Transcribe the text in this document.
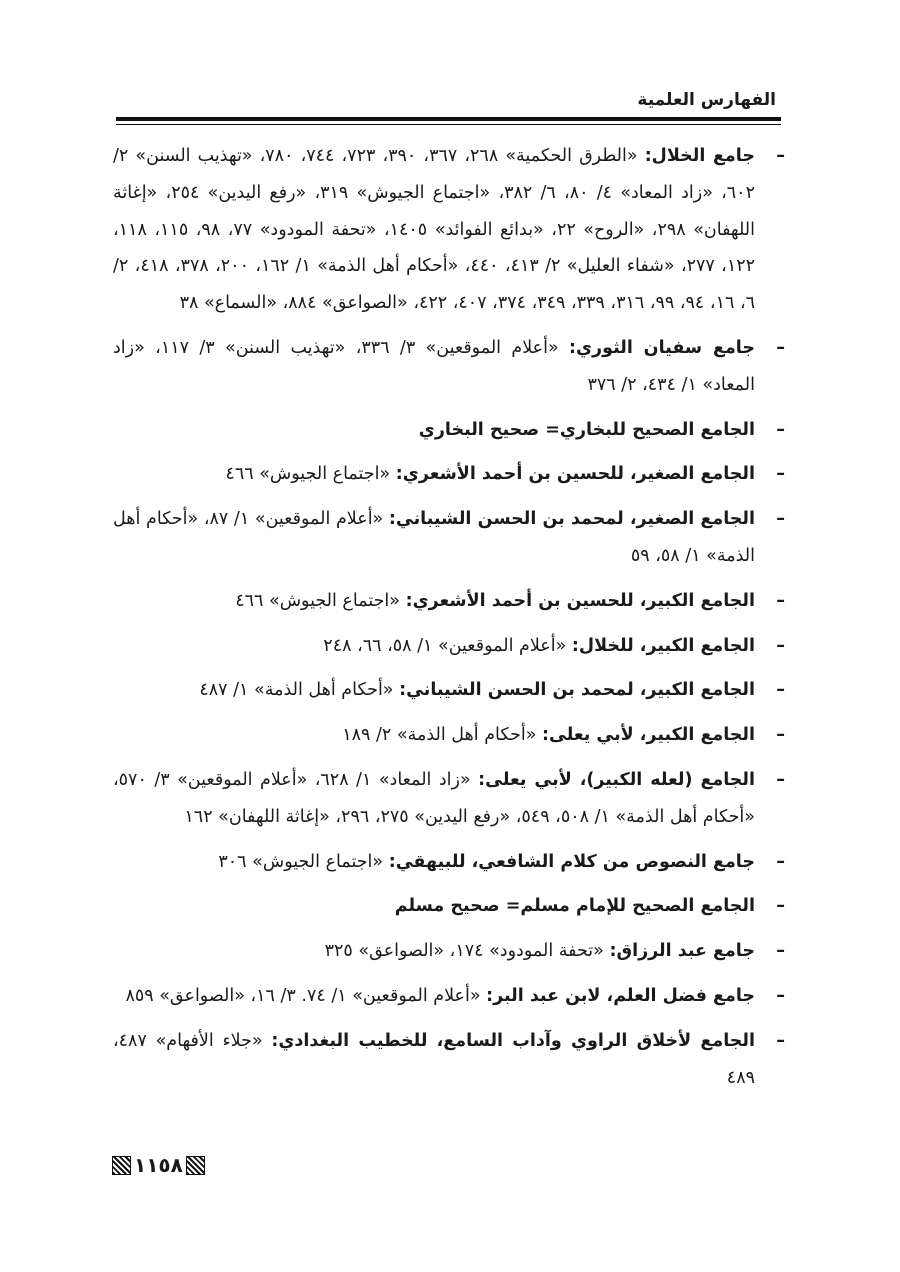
الفهارس العلمية
–
جامع الخلال: «الطرق الحكمية» ٢٦٨، ٣٦٧، ٣٩٠، ٧٢٣، ٧٤٤، ٧٨٠، «تهذيب السنن» ٢/ ٦٠٢، «زاد المعاد» ٤/ ٨٠، ٦/ ٣٨٢، «اجتماع الجيوش» ٣١٩، «رفع اليدين» ٢٥٤، «إغاثة اللهفان» ٢٩٨، «الروح» ٢٢، «بدائع الفوائد» ١٤٠٥، «تحفة المودود» ٧٧، ٩٨، ١١٥، ١١٨، ١٢٢، ٢٧٧، «شفاء العليل» ٢/ ٤١٣، ٤٤٠، «أحكام أهل الذمة» ١/ ١٦٢، ٢٠٠، ٣٧٨، ٤١٨، ٢/ ٦، ١٦، ٩٤، ٩٩، ٣١٦، ٣٣٩، ٣٤٩، ٣٧٤، ٤٠٧، ٤٢٢، «الصواعق» ٨٨٤، «السماع» ٣٨
–
جامع سفيان الثوري: «أعلام الموقعين» ٣/ ٣٣٦، «تهذيب السنن» ٣/ ١١٧، «زاد المعاد» ١/ ٤٣٤، ٢/ ٣٧٦
–
الجامع الصحيح للبخاري= صحيح البخاري
–
الجامع الصغير، للحسين بن أحمد الأشعري: «اجتماع الجيوش» ٤٦٦
–
الجامع الصغير، لمحمد بن الحسن الشيباني: «أعلام الموقعين» ١/ ٨٧، «أحكام أهل الذمة» ١/ ٥٨، ٥٩
–
الجامع الكبير، للحسين بن أحمد الأشعري: «اجتماع الجيوش» ٤٦٦
–
الجامع الكبير، للخلال: «أعلام الموقعين» ١/ ٥٨، ٦٦، ٢٤٨
–
الجامع الكبير، لمحمد بن الحسن الشيباني: «أحكام أهل الذمة» ١/ ٤٨٧
–
الجامع الكبير، لأبي يعلى: «أحكام أهل الذمة» ٢/ ١٨٩
–
الجامع (لعله الكبير)، لأبي يعلى: «زاد المعاد» ١/ ٦٢٨، «أعلام الموقعين» ٣/ ٥٧٠، «أحكام أهل الذمة» ١/ ٥٠٨، ٥٤٩، «رفع اليدين» ٢٧٥، ٢٩٦، «إغاثة اللهفان» ١٦٢
–
جامع النصوص من كلام الشافعي، للبيهقي: «اجتماع الجيوش» ٣٠٦
–
الجامع الصحيح للإمام مسلم= صحيح مسلم
–
جامع عبد الرزاق: «تحفة المودود» ١٧٤، «الصواعق» ٣٢٥
–
جامع فضل العلم، لابن عبد البر: «أعلام الموقعين» ١/ ٧٤. ٣/ ١٦، «الصواعق» ٨٥٩
–
الجامع لأخلاق الراوي وآداب السامع، للخطيب البغدادي: «جلاء الأفهام» ٤٨٧، ٤٨٩
١١٥٨
